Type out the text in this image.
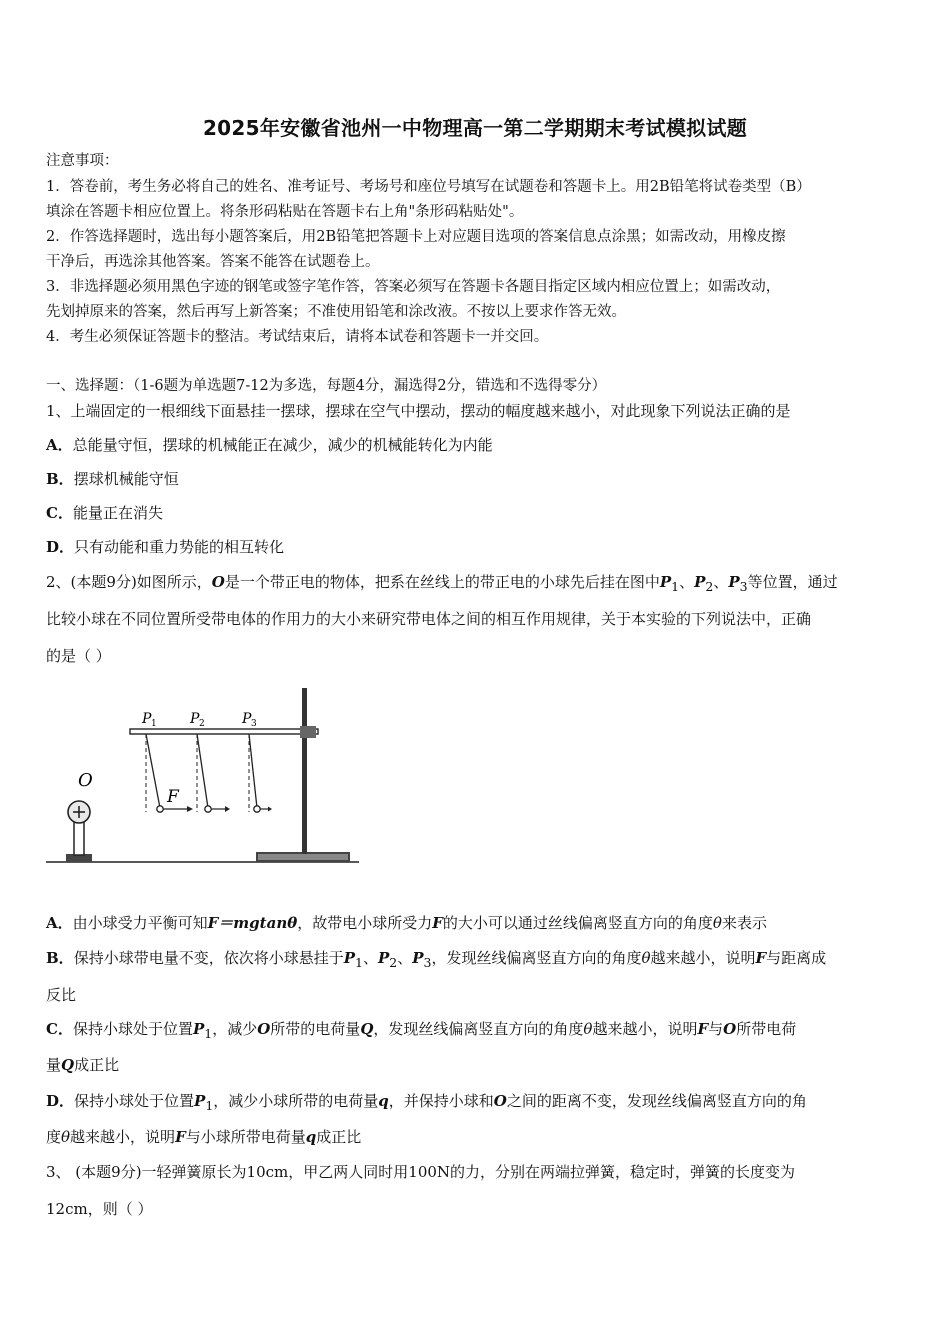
2025年安徽省池州一中物理高一第二学期期末考试模拟试题
注意事项：
1．答卷前，考生务必将自己的姓名、准考证号、考场号和座位号填写在试题卷和答题卡上。用2B铅笔将试卷类型（B）
填涂在答题卡相应位置上。将条形码粘贴在答题卡右上角"条形码粘贴处"。
2．作答选择题时，选出每小题答案后，用2B铅笔把答题卡上对应题目选项的答案信息点涂黑；如需改动，用橡皮擦
干净后，再选涂其他答案。答案不能答在试题卷上。
3．非选择题必须用黑色字迹的钢笔或签字笔作答，答案必须写在答题卡各题目指定区域内相应位置上；如需改动，
先划掉原来的答案，然后再写上新答案；不准使用铅笔和涂改液。不按以上要求作答无效。
4．考生必须保证答题卡的整洁。考试结束后，请将本试卷和答题卡一并交回。
一、选择题：（1-6题为单选题7-12为多选，每题4分，漏选得2分，错选和不选得零分）
1、上端固定的一根细线下面悬挂一摆球，摆球在空气中摆动，摆动的幅度越来越小，对此现象下列说法正确的是
A．总能量守恒，摆球的机械能正在减少，减少的机械能转化为内能
B．摆球机械能守恒
C．能量正在消失
D．只有动能和重力势能的相互转化
2、(本题9分)如图所示，O是一个带正电的物体，把系在丝线上的带正电的小球先后挂在图中$P_1$、$P_2$、$P_3$等位置，通过
比较小球在不同位置所受带电体的作用力的大小来研究带电体之间的相互作用规律，关于本实验的下列说法中，正确
的是（ ）
O
P 1 P 2	P 3
F
A．由小球受力平衡可知F＝mgtanθ，故带电小球所受力F的大小可以通过丝线偏离竖直方向的角度θ来表示
B．保持小球带电量不变，依次将小球悬挂于$P_1$、$P_2$、$P_3$，发现丝线偏离竖直方向的角度θ越来越小，说明F与距离成
反比
C．保持小球处于位置$P_1$，减少O所带的电荷量Q，发现丝线偏离竖直方向的角度θ越来越小，说明F与O所带电荷
量Q成正比
D．保持小球处于位置$P_1$，减少小球所带的电荷量q，并保持小球和O之间的距离不变，发现丝线偏离竖直方向的角
度θ越来越小，说明F与小球所带电荷量q成正比
3、 (本题9分)一轻弹簧原长为10cm，甲乙两人同时用100N的力，分别在两端拉弹簧，稳定时，弹簧的长度变为
12cm，则（ ）
